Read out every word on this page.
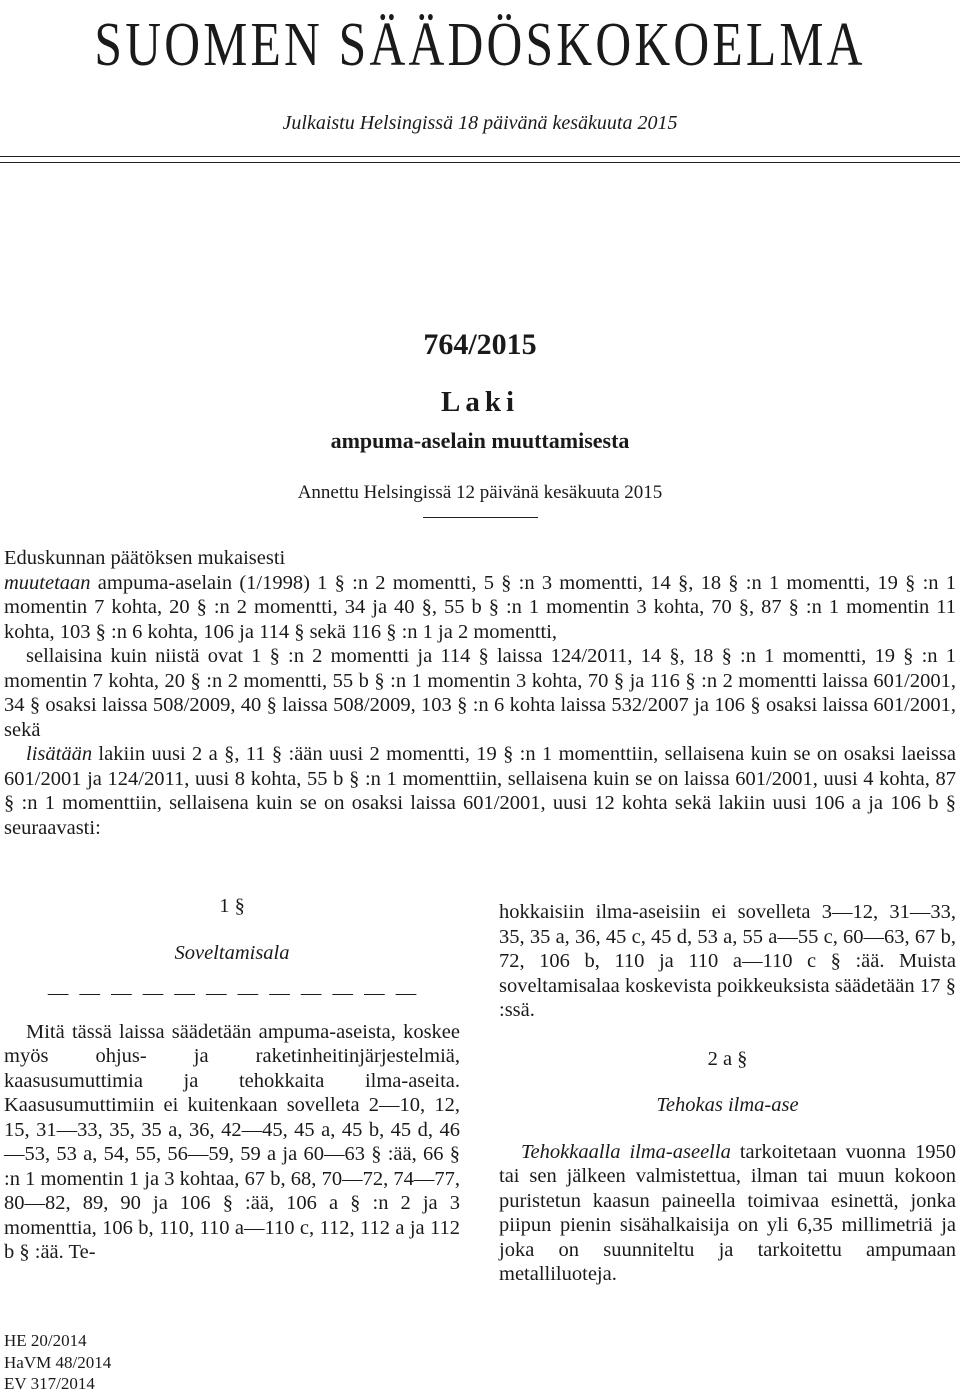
SUOMEN SÄÄDÖSKOKOELMA
Julkaistu Helsingissä 18 päivänä kesäkuuta 2015
764/2015
Laki
ampuma-aselain muuttamisesta
Annettu Helsingissä 12 päivänä kesäkuuta 2015

Eduskunnan päätöksen mukaisesti

muutetaan ampuma-aselain (1/1998) 1 § :n 2 momentti, 5 § :n 3 momentti, 14 §, 18 § :n 1 momentti, 19 § :n 1 momentin 7 kohta, 20 § :n 2 momentti, 34 ja 40 §, 55 b § :n 1 momentin 3 kohta, 70 §, 87 § :n 1 momentin 11 kohta, 103 § :n 6 kohta, 106 ja 114 § sekä 116 § :n 1 ja 2 momentti,

sellaisina kuin niistä ovat 1 § :n 2 momentti ja 114 § laissa 124/2011, 14 §, 18 § :n 1 momentti, 19 § :n 1 momentin 7 kohta, 20 § :n 2 momentti, 55 b § :n 1 momentin 3 kohta, 70 § ja 116 § :n 2 momentti laissa 601/2001, 34 § osaksi laissa 508/2009, 40 § laissa 508/2009, 103 § :n 6 kohta laissa 532/2007 ja 106 § osaksi laissa 601/2001, sekä

lisätään lakiin uusi 2 a §, 11 § :ään uusi 2 momentti, 19 § :n 1 momenttiin, sellaisena kuin se on osaksi laeissa 601/2001 ja 124/2011, uusi 8 kohta, 55 b § :n 1 momenttiin, sellaisena kuin se on laissa 601/2001, uusi 4 kohta, 87 § :n 1 momenttiin, sellaisena kuin se on osaksi laissa 601/2001, uusi 12 kohta sekä lakiin uusi 106 a ja 106 b § seuraavasti:

1 §

Soveltamisala

— — — — — — — — — — — —

Mitä tässä laissa säädetään ampuma-aseista, koskee myös ohjus- ja raketinheitinjärjestelmiä, kaasusumuttimia ja tehokkaita ilma-aseita. Kaasusumuttimiin ei kuitenkaan sovelleta 2—10, 12, 15, 31—33, 35, 35 a, 36, 42—45, 45 a, 45 b, 45 d, 46—53, 53 a, 54, 55, 56—59, 59 a ja 60—63 § :ää, 66 § :n 1 momentin 1 ja 3 kohtaa, 67 b, 68, 70—72, 74—77, 80—82, 89, 90 ja 106 § :ää, 106 a § :n 2 ja 3 momenttia, 106 b, 110, 110 a—110 c, 112, 112 a ja 112 b § :ää. Te-

hokkaisiin ilma-aseisiin ei sovelleta 3—12, 31—33, 35, 35 a, 36, 45 c, 45 d, 53 a, 55 a—55 c, 60—63, 67 b, 72, 106 b, 110 ja 110 a—110 c § :ää. Muista soveltamisalaa koskevista poikkeuksista säädetään 17 § :ssä.

2 a §

Tehokas ilma-ase

Tehokkaalla ilma-aseella tarkoitetaan vuonna 1950 tai sen jälkeen valmistettua, ilman tai muun kokoon puristetun kaasun paineella toimivaa esinettä, jonka piipun pienin sisähalkaisija on yli 6,35 millimetriä ja joka on suunniteltu ja tarkoitettu ampumaan metalliluoteja.

HE 20/2014
HaVM 48/2014
EV 317/2014
